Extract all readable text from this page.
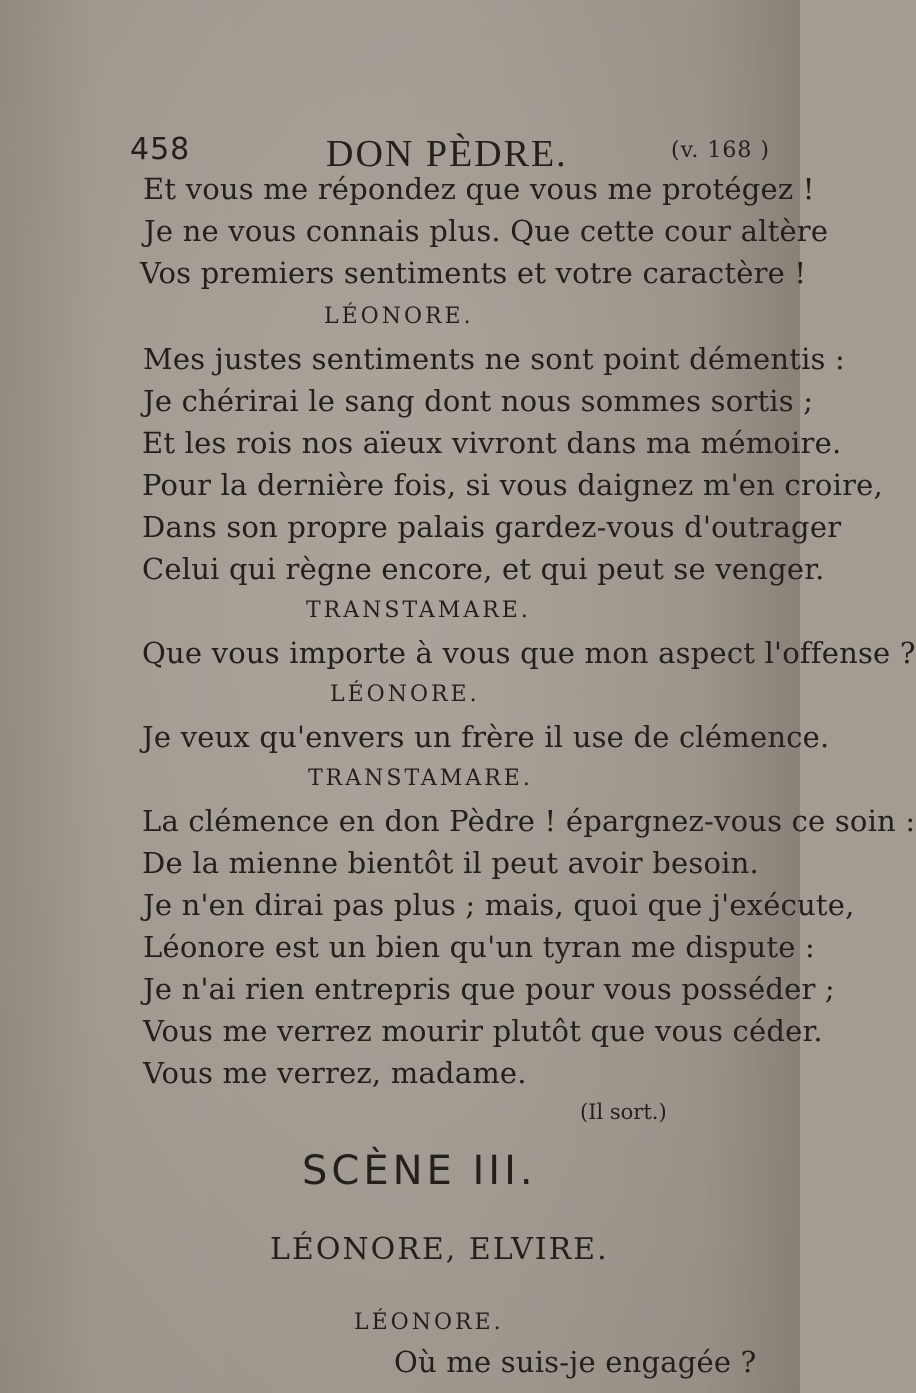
458	DON PÈDRE.	(v. 168 )
Et vous me répondez que vous me protégez !
Je ne vous connais plus. Que cette cour altère
Vos premiers sentiments et votre caractère !
LÉONORE.
Mes justes sentiments ne sont point démentis :
Je chérirai le sang dont nous sommes sortis ;
Et les rois nos aïeux vivront dans ma mémoire.
Pour la dernière fois, si vous daignez m'en croire,
Dans son propre palais gardez-vous d'outrager
Celui qui règne encore, et qui peut se venger.
TRANSTAMARE.
Que vous importe à vous que mon aspect l'offense ?
LÉONORE.
Je veux qu'envers un frère il use de clémence.
TRANSTAMARE.
La clémence en don Pèdre ! épargnez-vous ce soin :
De la mienne bientôt il peut avoir besoin.
Je n'en dirai pas plus ; mais, quoi que j'exécute,
Léonore est un bien qu'un tyran me dispute :
Je n'ai rien entrepris que pour vous posséder ;
Vous me verrez mourir plutôt que vous céder.
Vous me verrez, madame.
(Il sort.)
SCÈNE III.
LÉONORE, ELVIRE.
LÉONORE.
Où me suis-je engagée ?
